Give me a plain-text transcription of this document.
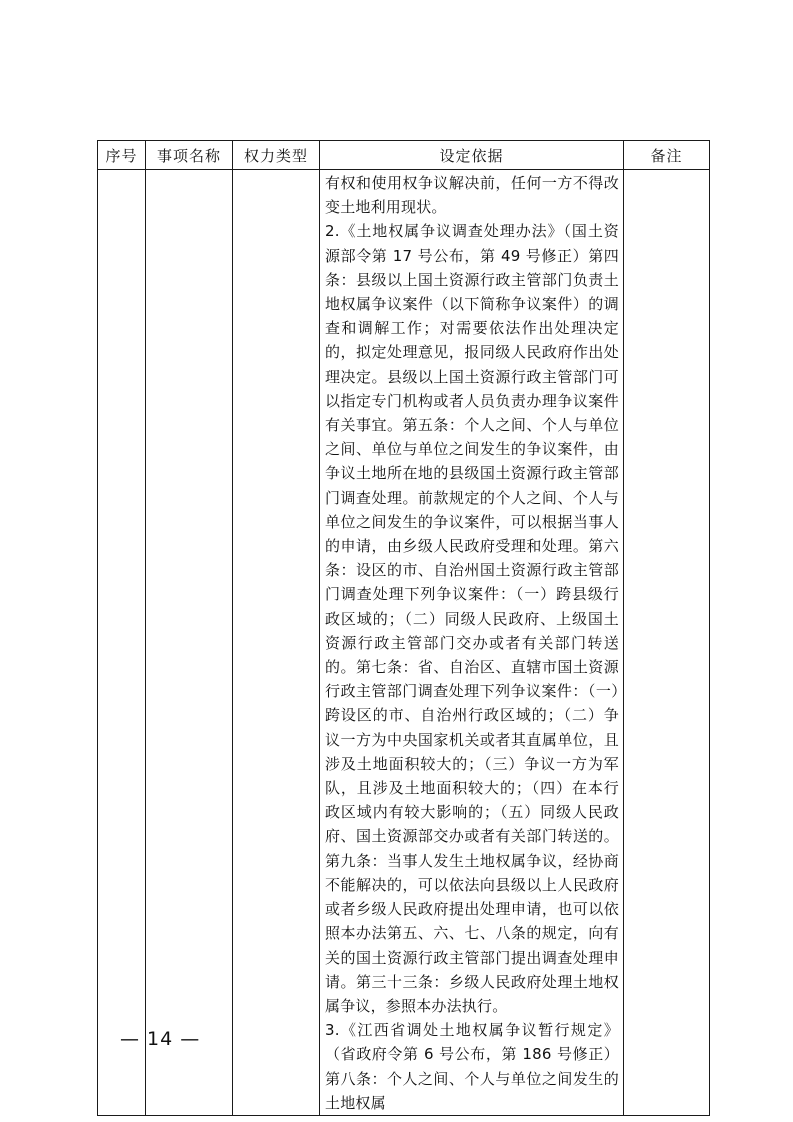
序号	事项名称	权力类型	设定依据	备注

			有权和使用权争议解决前，任何一方不得改变土地利用现状。

2.《土地权属争议调查处理办法》（国土资源部令第 17 号公布，第 49 号修正）第四条：县级以上国土资源行政主管部门负责土地权属争议案件（以下简称争议案件）的调查和调解工作；对需要依法作出处理决定的，拟定处理意见，报同级人民政府作出处理决定。县级以上国土资源行政主管部门可以指定专门机构或者人员负责办理争议案件有关事宜。第五条：个人之间、个人与单位之间、单位与单位之间发生的争议案件，由争议土地所在地的县级国土资源行政主管部门调查处理。前款规定的个人之间、个人与单位之间发生的争议案件，可以根据当事人的申请，由乡级人民政府受理和处理。第六条：设区的市、自治州国土资源行政主管部门调查处理下列争议案件：（一）跨县级行政区域的；（二）同级人民政府、上级国土资源行政主管部门交办或者有关部门转送的。第七条：省、自治区、直辖市国土资源行政主管部门调查处理下列争议案件：（一）跨设区的市、自治州行政区域的；（二）争议一方为中央国家机关或者其直属单位，且涉及土地面积较大的；（三）争议一方为军队，且涉及土地面积较大的；（四）在本行政区域内有较大影响的；（五）同级人民政府、国土资源部交办或者有关部门转送的。第九条：当事人发生土地权属争议，经协商不能解决的，可以依法向县级以上人民政府或者乡级人民政府提出处理申请，也可以依照本办法第五、六、七、八条的规定，向有关的国土资源行政主管部门提出调查处理申请。第三十三条：乡级人民政府处理土地权属争议，参照本办法执行。

3.《江西省调处土地权属争议暂行规定》（省政府令第 6 号公布，第 186 号修正）第八条：个人之间、个人与单位之间发生的土地权属	

— 14 —
